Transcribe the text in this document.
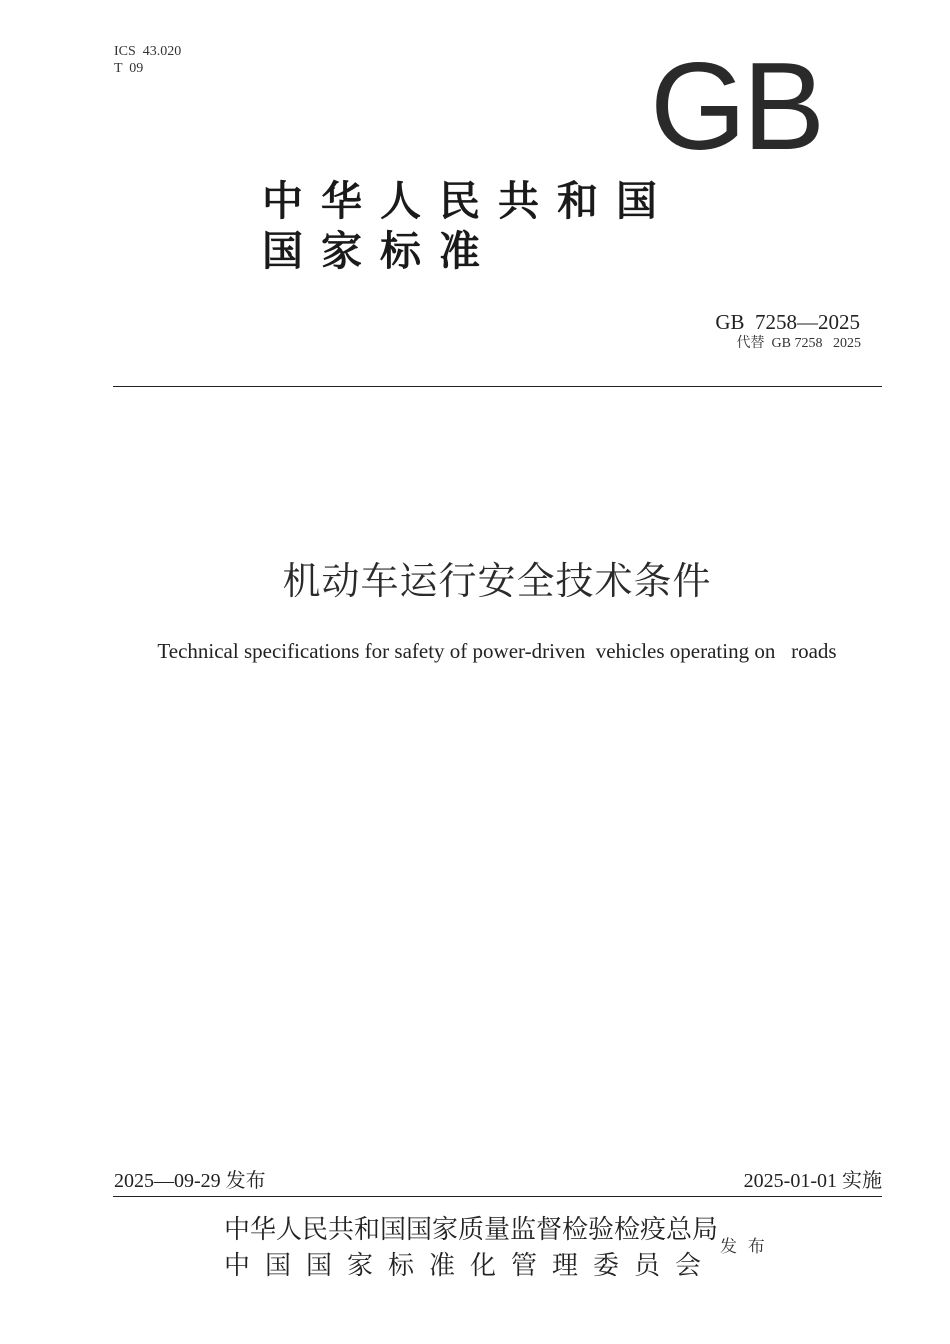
ICS  43.020
T  09	GB
中华人民共和国
国家标准
GB  7258—2025
代替  GB 7258   2025
机动车运行安全技术条件
Technical specifications for safety of power-driven  vehicles operating on   roads
2025—09-29 发布	2025-01-01 实施
中华人民共和国国家质量监督检验检疫总局
中国国家标准化管理委员会
发  布
